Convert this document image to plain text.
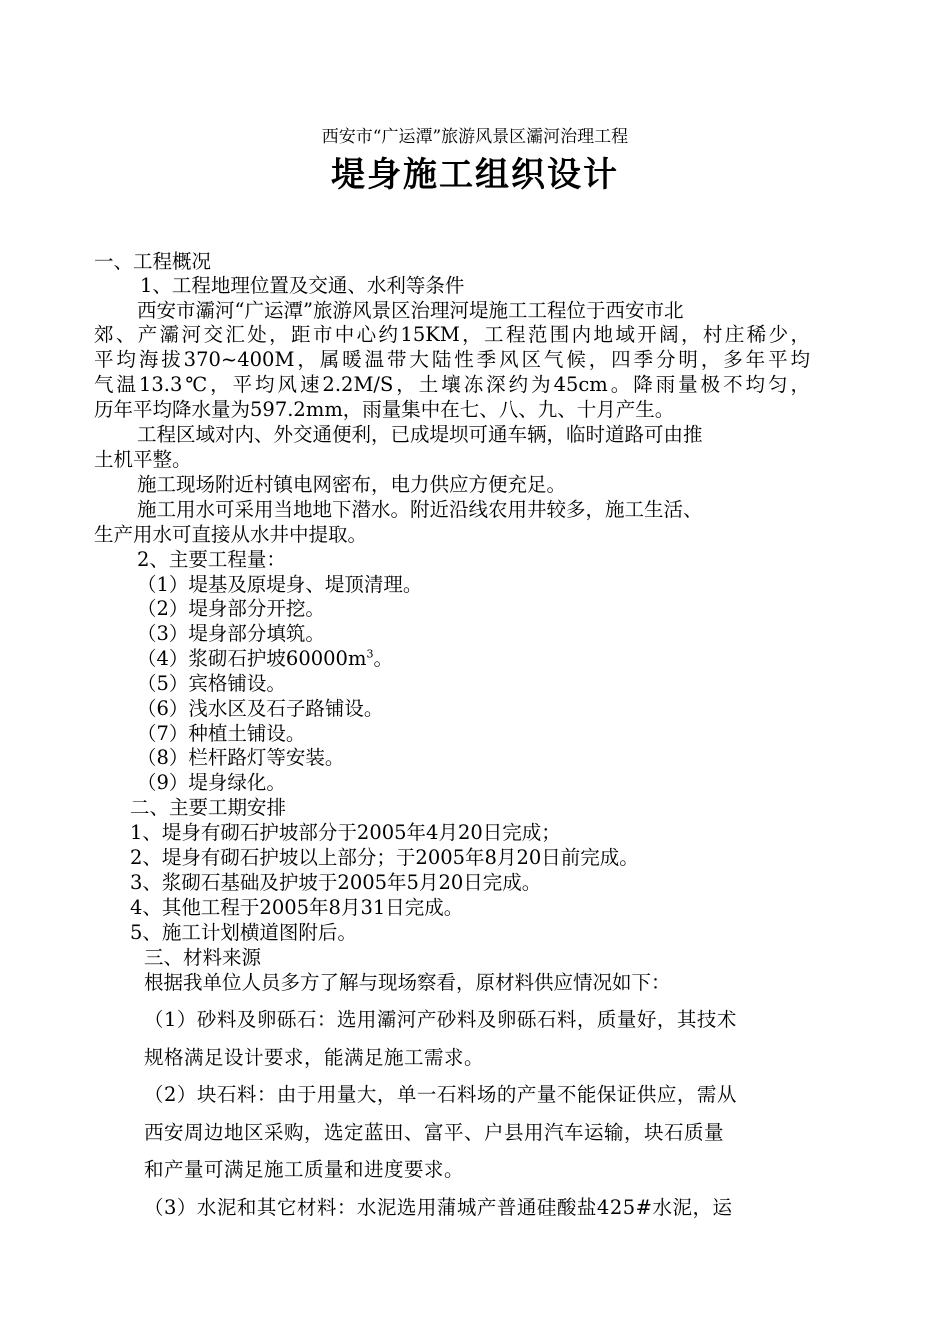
西安市“广运潭”旅游风景区灞河治理工程
堤身施工组织设计
一、工程概况
1、工程地理位置及交通、水利等条件
西安市灞河“广运潭”旅游风景区治理河堤施工工程位于西安市北
郊、产灞河交汇处，距市中心约15KM，工程范围内地域开阔，村庄稀少，
平均海拔370~400M，属暖温带大陆性季风区气候，四季分明，多年平均
气温13.3℃，平均风速2.2M/S，土壤冻深约为45cm。降雨量极不均匀，
历年平均降水量为597.2mm，雨量集中在七、八、九、十月产生。
工程区域对内、外交通便利，已成堤坝可通车辆，临时道路可由推
土机平整。
施工现场附近村镇电网密布，电力供应方便充足。
施工用水可采用当地地下潜水。附近沿线农用井较多，施工生活、
生产用水可直接从水井中提取。
2、主要工程量：
（1）堤基及原堤身、堤顶清理。
（2）堤身部分开挖。
（3）堤身部分填筑。
（4）浆砌石护坡$60000m^3$。
（5）宾格铺设。
（6）浅水区及石子路铺设。
（7）种植土铺设。
（8）栏杆路灯等安装。
（9）堤身绿化。
二、主要工期安排
1、堤身有砌石护坡部分于2005年4月20日完成；
2、堤身有砌石护坡以上部分；于2005年8月20日前完成。
3、浆砌石基础及护坡于2005年5月20日完成。
4、其他工程于2005年8月31日完成。
5、施工计划横道图附后。
三、材料来源
根据我单位人员多方了解与现场察看，原材料供应情况如下：
（1）砂料及卵砾石：选用灞河产砂料及卵砾石料，质量好，其技术
规格满足设计要求，能满足施工需求。
（2）块石料：由于用量大，单一石料场的产量不能保证供应，需从
西安周边地区采购，选定蓝田、富平、户县用汽车运输，块石质量
和产量可满足施工质量和进度要求。
（3）水泥和其它材料：水泥选用蒲城产普通硅酸盐425#水泥，运
